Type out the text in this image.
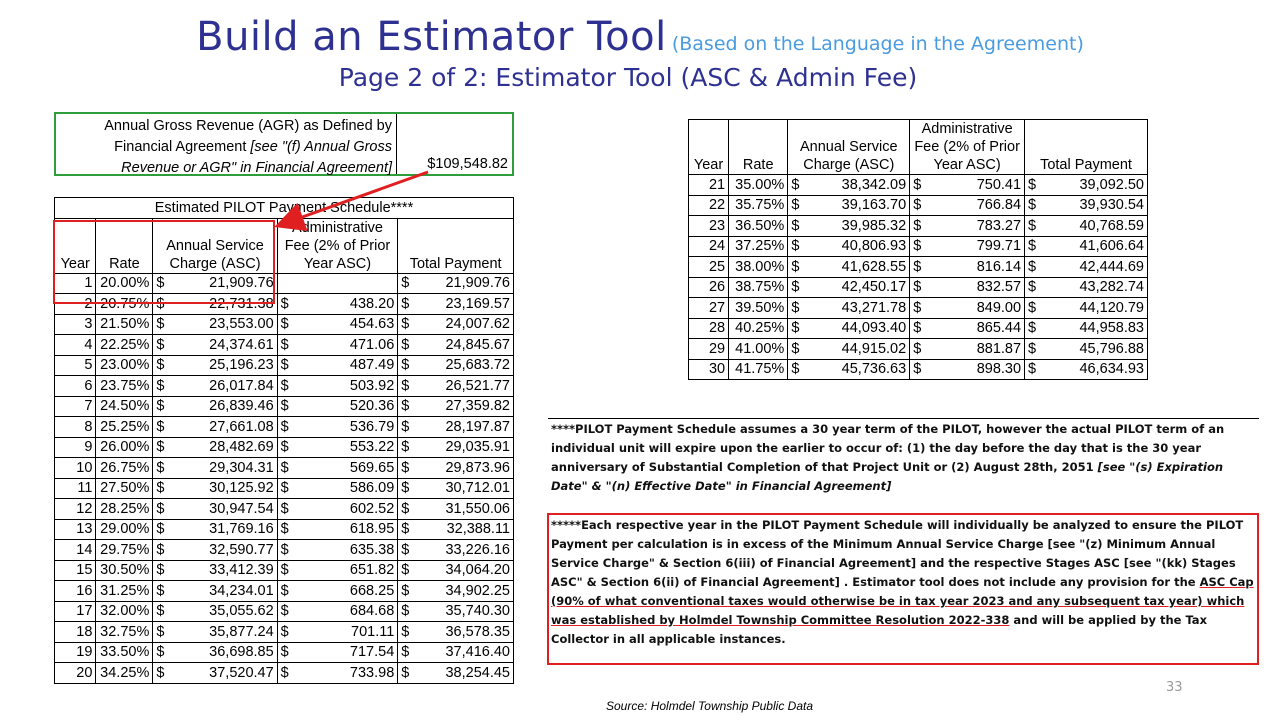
Build an Estimator Tool (Based on the Language in the Agreement)
Page 2 of 2: Estimator Tool (ASC & Admin Fee)
Annual Gross Revenue (AGR) as Defined by
Financial Agreement [see "(f) Annual Gross
Revenue or AGR" in Financial Agreement] $109,548.82
Estimated PILOT Payment Schedule****							
Year	Rate	Annual Service
Charge (ASC)		Administrative
Fee (2% of Prior
Year ASC)		Total Payment	
1	20.00%	$	21,909.76			$	21,909.76
2	20.75%	$	22,731.38	$	438.20	$	23,169.57
3	21.50%	$	23,553.00	$	454.63	$	24,007.62
4	22.25%	$	24,374.61	$	471.06	$	24,845.67
5	23.00%	$	25,196.23	$	487.49	$	25,683.72
6	23.75%	$	26,017.84	$	503.92	$	26,521.77
7	24.50%	$	26,839.46	$	520.36	$	27,359.82
8	25.25%	$	27,661.08	$	536.79	$	28,197.87
9	26.00%	$	28,482.69	$	553.22	$	29,035.91
10	26.75%	$	29,304.31	$	569.65	$	29,873.96
11	27.50%	$	30,125.92	$	586.09	$	30,712.01
12	28.25%	$	30,947.54	$	602.52	$	31,550.06
13	29.00%	$	31,769.16	$	618.95	$	32,388.11
14	29.75%	$	32,590.77	$	635.38	$	33,226.16
15	30.50%	$	33,412.39	$	651.82	$	34,064.20
16	31.25%	$	34,234.01	$	668.25	$	34,902.25
17	32.00%	$	35,055.62	$	684.68	$	35,740.30
18	32.75%	$	35,877.24	$	701.11	$	36,578.35
19	33.50%	$	36,698.85	$	717.54	$	37,416.40
20	34.25%	$	37,520.47	$	733.98	$	38,254.45
Year	Rate	Annual Service
Charge (ASC)		Administrative
Fee (2% of Prior
Year ASC)		Total Payment	
21	35.00%	$	38,342.09	$	750.41	$	39,092.50
22	35.75%	$	39,163.70	$	766.84	$	39,930.54
23	36.50%	$	39,985.32	$	783.27	$	40,768.59
24	37.25%	$	40,806.93	$	799.71	$	41,606.64
25	38.00%	$	41,628.55	$	816.14	$	42,444.69
26	38.75%	$	42,450.17	$	832.57	$	43,282.74
27	39.50%	$	43,271.78	$	849.00	$	44,120.79
28	40.25%	$	44,093.40	$	865.44	$	44,958.83
29	41.00%	$	44,915.02	$	881.87	$	45,796.88
30	41.75%	$	45,736.63	$	898.30	$	46,634.93
****PILOT Payment Schedule assumes a 30 year term of the PILOT, however the actual PILOT term of an individual unit will expire upon the earlier to occur of: (1) the day before the day that is the 30 year anniversary of Substantial Completion of that Project Unit or (2) August 28th, 2051 [see "(s) Expiration Date" & "(n) Effective Date" in Financial Agreement]
*****Each respective year in the PILOT Payment Schedule will individually be analyzed to ensure the PILOT Payment per calculation is in excess of the Minimum Annual Service Charge [see "(z) Minimum Annual Service Charge" & Section 6(iii) of Financial Agreement] and the respective Stages ASC [see "(kk) Stages ASC" & Section 6(ii) of Financial Agreement] . Estimator tool does not include any provision for the ASC Cap (90% of what conventional taxes would otherwise be in tax year 2023 and any subsequent tax year) which was established by Holmdel Township Committee Resolution 2022-338 and will be applied by the Tax Collector in all applicable instances.
33
Source: Holmdel Township Public Data
